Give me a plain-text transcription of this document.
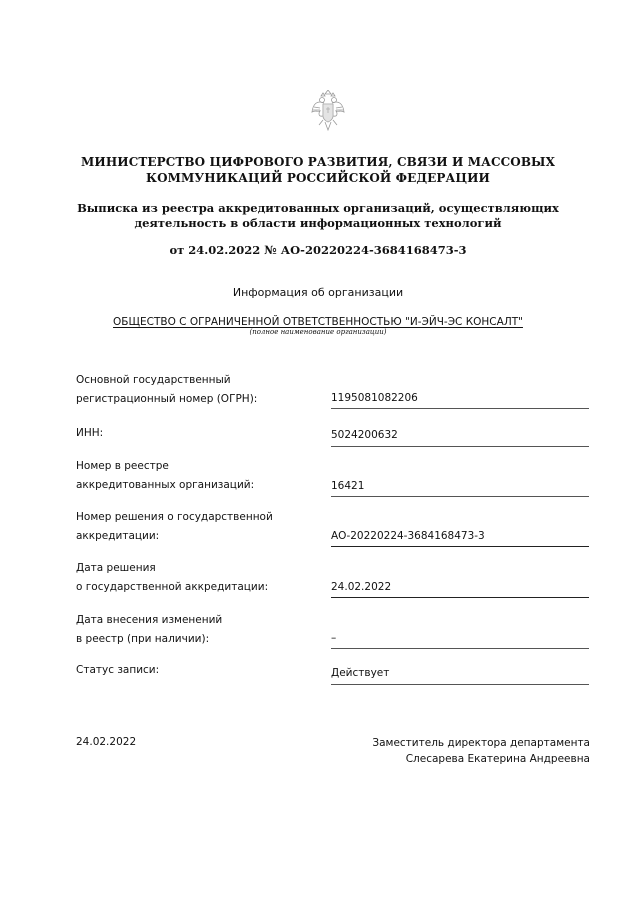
МИНИСТЕРСТВО ЦИФРОВОГО РАЗВИТИЯ, СВЯЗИ И МАССОВЫХ
КОММУНИКАЦИЙ РОССИЙСКОЙ ФЕДЕРАЦИИ
Выписка из реестра аккредитованных организаций, осуществляющих
деятельность в области информационных технологий
от 24.02.2022 № АО-20220224-3684168473-3
Информация об организации
ОБЩЕСТВО С ОГРАНИЧЕННОЙ ОТВЕТСТВЕННОСТЬЮ "И-ЭЙЧ-ЭС КОНСАЛТ"
(полное наименование организации)
Основной государственный
регистрационный номер (ОГРН):	1195081082206
ИНН:	5024200632
Номер в реестре
аккредитованных организаций:	16421
Номер решения о государственной
аккредитации:	АО-20220224-3684168473-3
Дата решения
о государственной аккредитации:	24.02.2022
Дата внесения изменений
в реестр (при наличии):	–
Статус записи:	Действует
24.02.2022	Заместитель директора департамента
Слесарева Екатерина Андреевна
